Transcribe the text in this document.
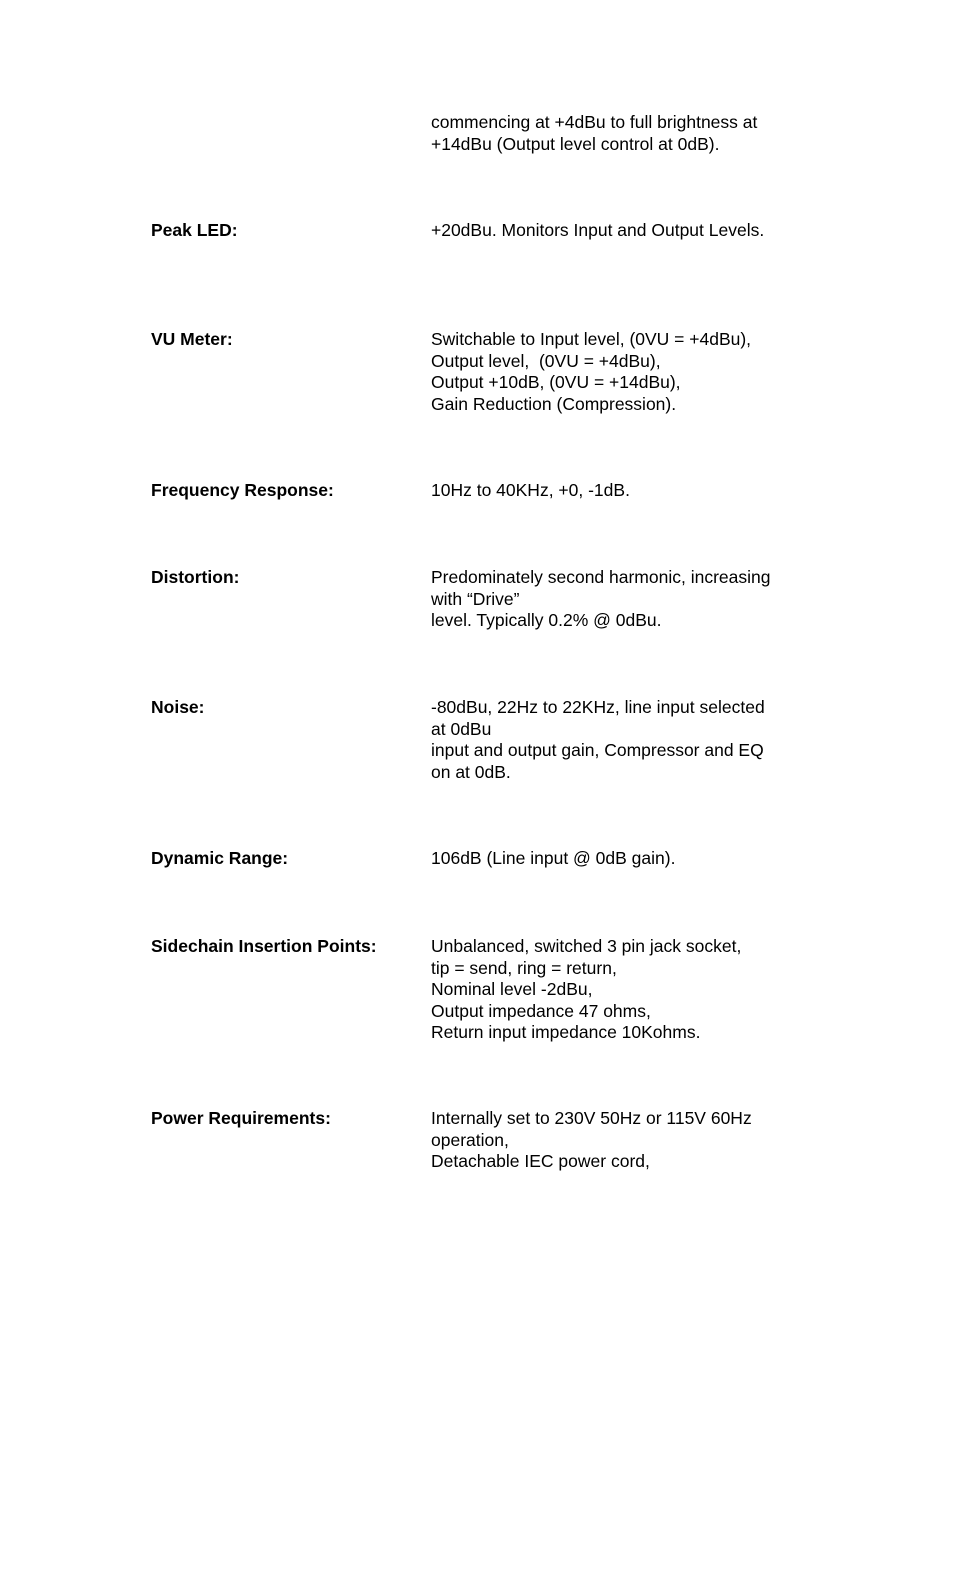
commencing at +4dBu to full brightness at
+14dBu (Output level control at 0dB).
Peak LED:	+20dBu. Monitors Input and Output Levels.
VU Meter:	Switchable to Input level, (0VU = +4dBu),
Output level,  (0VU = +4dBu),
Output +10dB, (0VU = +14dBu),
Gain Reduction (Compression).
Frequency Response:	10Hz to 40KHz, +0, -1dB.
Distortion:	Predominately second harmonic, increasing
with “Drive”
level. Typically 0.2% @ 0dBu.
Noise:	-80dBu, 22Hz to 22KHz, line input selected
at 0dBu
input and output gain, Compressor and EQ
on at 0dB.
Dynamic Range:	106dB (Line input @ 0dB gain).
Sidechain Insertion Points:	Unbalanced, switched 3 pin jack socket,
tip = send, ring = return,
Nominal level -2dBu,
Output impedance 47 ohms,
Return input impedance 10Kohms.
Power Requirements:	Internally set to 230V 50Hz or 115V 60Hz
operation,
Detachable IEC power cord,
